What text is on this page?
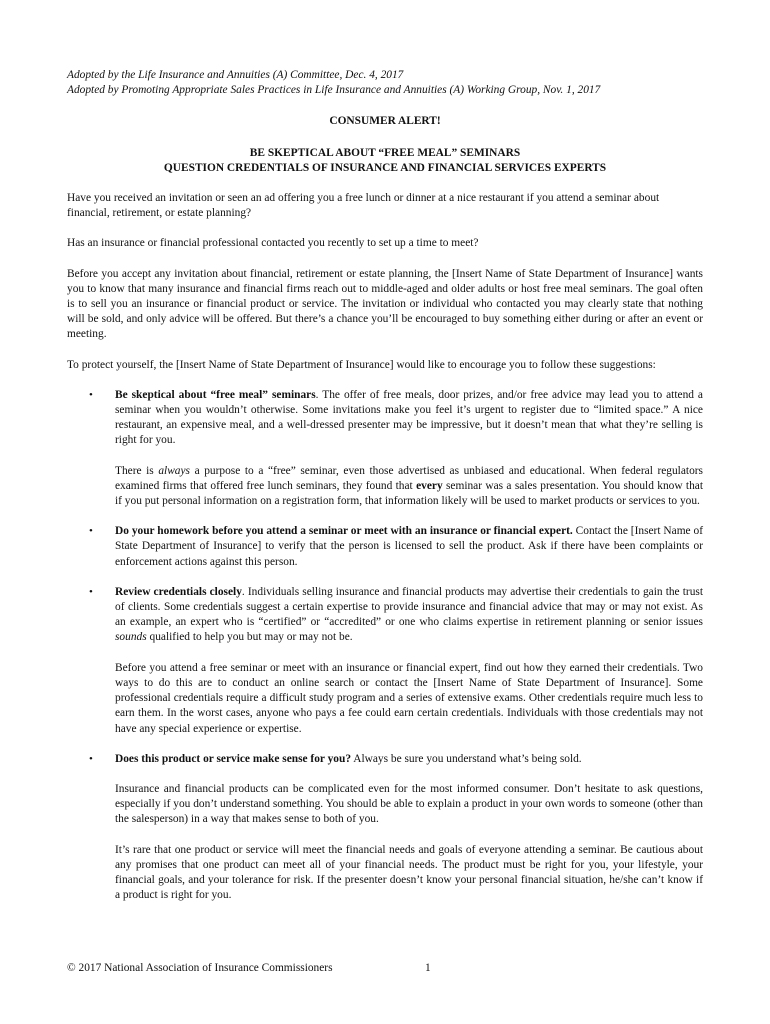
Adopted by the Life Insurance and Annuities (A) Committee, Dec. 4, 2017

Adopted by Promoting Appropriate Sales Practices in Life Insurance and Annuities (A) Working Group, Nov. 1, 2017

CONSUMER ALERT!

BE SKEPTICAL ABOUT “FREE MEAL” SEMINARS
QUESTION CREDENTIALS OF INSURANCE AND FINANCIAL SERVICES EXPERTS

Have you received an invitation or seen an ad offering you a free lunch or dinner at a nice restaurant if you attend a seminar about financial, retirement, or estate planning?

Has an insurance or financial professional contacted you recently to set up a time to meet?

Before you accept any invitation about financial, retirement or estate planning, the [Insert Name of State Department of Insurance] wants you to know that many insurance and financial firms reach out to middle-aged and older adults or host free meal seminars. The goal often is to sell you an insurance or financial product or service. The invitation or individual who contacted you may clearly state that nothing will be sold, and only advice will be offered. But there’s a chance you’ll be encouraged to buy something either during or after an event or meeting.

To protect yourself, the [Insert Name of State Department of Insurance] would like to encourage you to follow these suggestions:

• Be skeptical about “free meal” seminars. The offer of free meals, door prizes, and/or free advice may lead you to attend a seminar when you wouldn’t otherwise. Some invitations make you feel it’s urgent to register due to “limited space.” A nice restaurant, an expensive meal, and a well-dressed presenter may be impressive, but it doesn’t mean that what they’re selling is right for you.

There is always a purpose to a “free” seminar, even those advertised as unbiased and educational. When federal regulators examined firms that offered free lunch seminars, they found that every seminar was a sales presentation. You should know that if you put personal information on a registration form, that information likely will be used to market products or services to you.

• Do your homework before you attend a seminar or meet with an insurance or financial expert. Contact the [Insert Name of State Department of Insurance] to verify that the person is licensed to sell the product. Ask if there have been complaints or enforcement actions against this person.

• Review credentials closely. Individuals selling insurance and financial products may advertise their credentials to gain the trust of clients. Some credentials suggest a certain expertise to provide insurance and financial advice that may or may not exist. As an example, an expert who is “certified” or “accredited” or one who claims expertise in retirement planning or senior issues sounds qualified to help you but may or may not be.

Before you attend a free seminar or meet with an insurance or financial expert, find out how they earned their credentials. Two ways to do this are to conduct an online search or contact the [Insert Name of State Department of Insurance]. Some professional credentials require a difficult study program and a series of extensive exams. Other credentials require much less to earn them. In the worst cases, anyone who pays a fee could earn certain credentials. Individuals with those credentials may not have any special experience or expertise.

• Does this product or service make sense for you? Always be sure you understand what’s being sold.

Insurance and financial products can be complicated even for the most informed consumer. Don’t hesitate to ask questions, especially if you don’t understand something. You should be able to explain a product in your own words to someone (other than the salesperson) in a way that makes sense to both of you.

It’s rare that one product or service will meet the financial needs and goals of everyone attending a seminar. Be cautious about any promises that one product can meet all of your financial needs. The product must be right for you, your lifestyle, your financial goals, and your tolerance for risk. If the presenter doesn’t know your personal financial situation, he/she can’t know if a product is right for you.

© 2017 National Association of Insurance Commissioners	1
